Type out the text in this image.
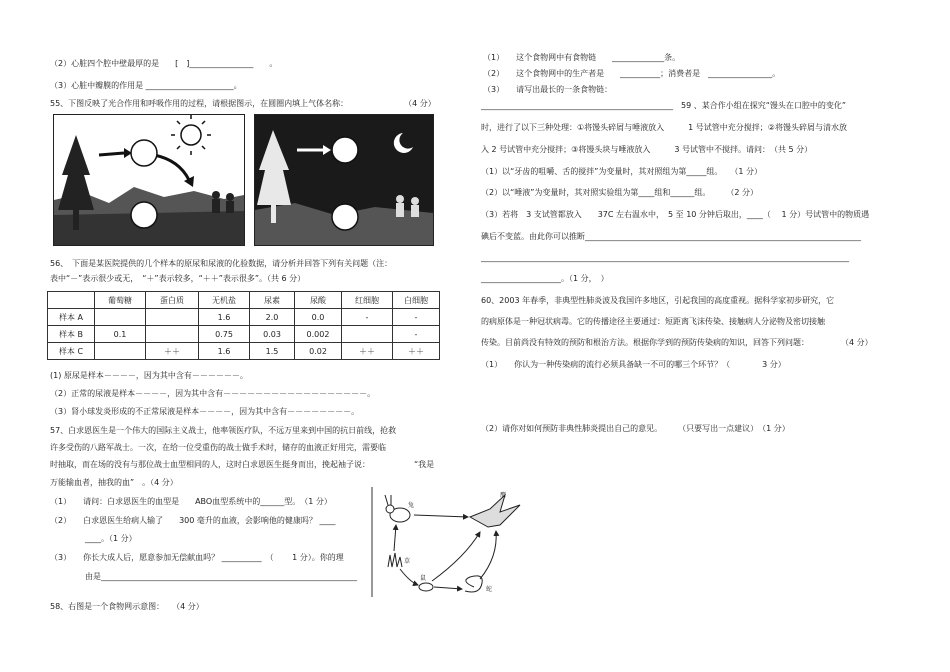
（2）心脏四个腔中壁最厚的是　　[　]________________　　。
（3）心脏中瓣膜的作用是 ______________________。
55、下图反映了光合作用和呼吸作用的过程，请根据图示，在圆圈内填上气体名称：　　　　　　　　（4 分）
56、　下面是某医院提供的几个样本的原尿和尿液的化验数据，请分析并回答下列有关问题（注：
表中“－”表示很少或无，　“＋”表示较多，“＋＋”表示很多”。（共 6 分）
	葡萄糖	蛋白质	无机盐	尿素	尿酸	红细胞	白细胞
样本 A			1.6	2.0	0.0	-	-
样本 B	0.1		0.75	0.03	0.002		-
样本 C		＋＋	1.6	1.5	0.02	＋＋	＋＋
(1) 原尿是样本－－－－，因为其中含有－－－－－－。
（2）正常的尿液是样本－－－－，因为其中含有－－－－－－－－－－－－－－－－－－。
（3）肾小球发炎形成的不正常尿液是样本－－－－，因为其中含有－－－－－－－－。
57、白求恩医生是一个伟大的国际主义战士，他率领医疗队，不远万里来到中国的抗日前线，抢救
许多受伤的八路军战士。一次，在给一位受重伤的战士做手术时，储存的血液正好用完，需要临
时抽取，而在场的没有与那位战士血型相同的人，这时白求恩医生挺身而出，挽起袖子说：　　　　　　“我是
万能输血者，抽我的血”　。（4 分）
（1）　　请问：白求恩医生的血型是　　ABO血型系统中的______型。　（1 分）
（2）　　白求恩医生给病人输了　　300 毫升的血液，会影响他的健康吗？ ____
____。（1 分）
（3）　　你长大成人后，愿意参加无偿献血吗？ __________　（　　 1 分）。你的理
由是________________________________________________________________
58、右图是一个食物网示意图：　　（4 分）
鹰
兔
草
鼠
蛇
（1）　　这个食物网中有食物链　　_____________条。
（2）　　这个食物网中的生产者是　　__________；消费者是　________________。
（3）　　请写出最长的一条食物链：
________________________________________________　59 、某合作小组在探究“馒头在口腔中的变化”
时，进行了以下三种处理：①将馒头碎屑与唾液放入　　　1 号试管中充分搅拌；②将馒头碎屑与清水放
入 2 号试管中充分搅拌；③将馒头块与唾液放入　　　3 号试管中不搅拌。请问：　（共 5 分）
（1）以“牙齿的咀嚼、舌的搅拌”为变量时，其对照组为第_____组。　　（1 分）
（2）以“唾液”为变量时，其对照实验组为第____组和______组。　　　（2 分）
（3）若将　3 支试管都放入　　37C 左右温水中，　5 至 10 分钟后取出，____（　 1 分）号试管中的物质遇
碘后不变蓝。由此你可以推断_____________________________________________________________________
____________________________________________________________________________________________
____________________。（1 分，　）
60、2003 年春季，非典型性肺炎波及我国许多地区，引起我国的高度重视。据科学家初步研究，它
的病原体是一种冠状病毒。它的传播途径主要通过：短距离飞沫传染、接触病人分泌物及密切接触
传染。目前尚没有特效的预防和根治方法。根据你学到的预防传染病的知识，回答下列问题：　　　　　（4 分）
（1）　　你认为一种传染病的流行必须具备缺一不可的哪三个环节？（　　　　3 分）
（2）请你对如何预防非典性肺炎提出自己的意见。　　　（只要写出一点建议）　（1 分）
